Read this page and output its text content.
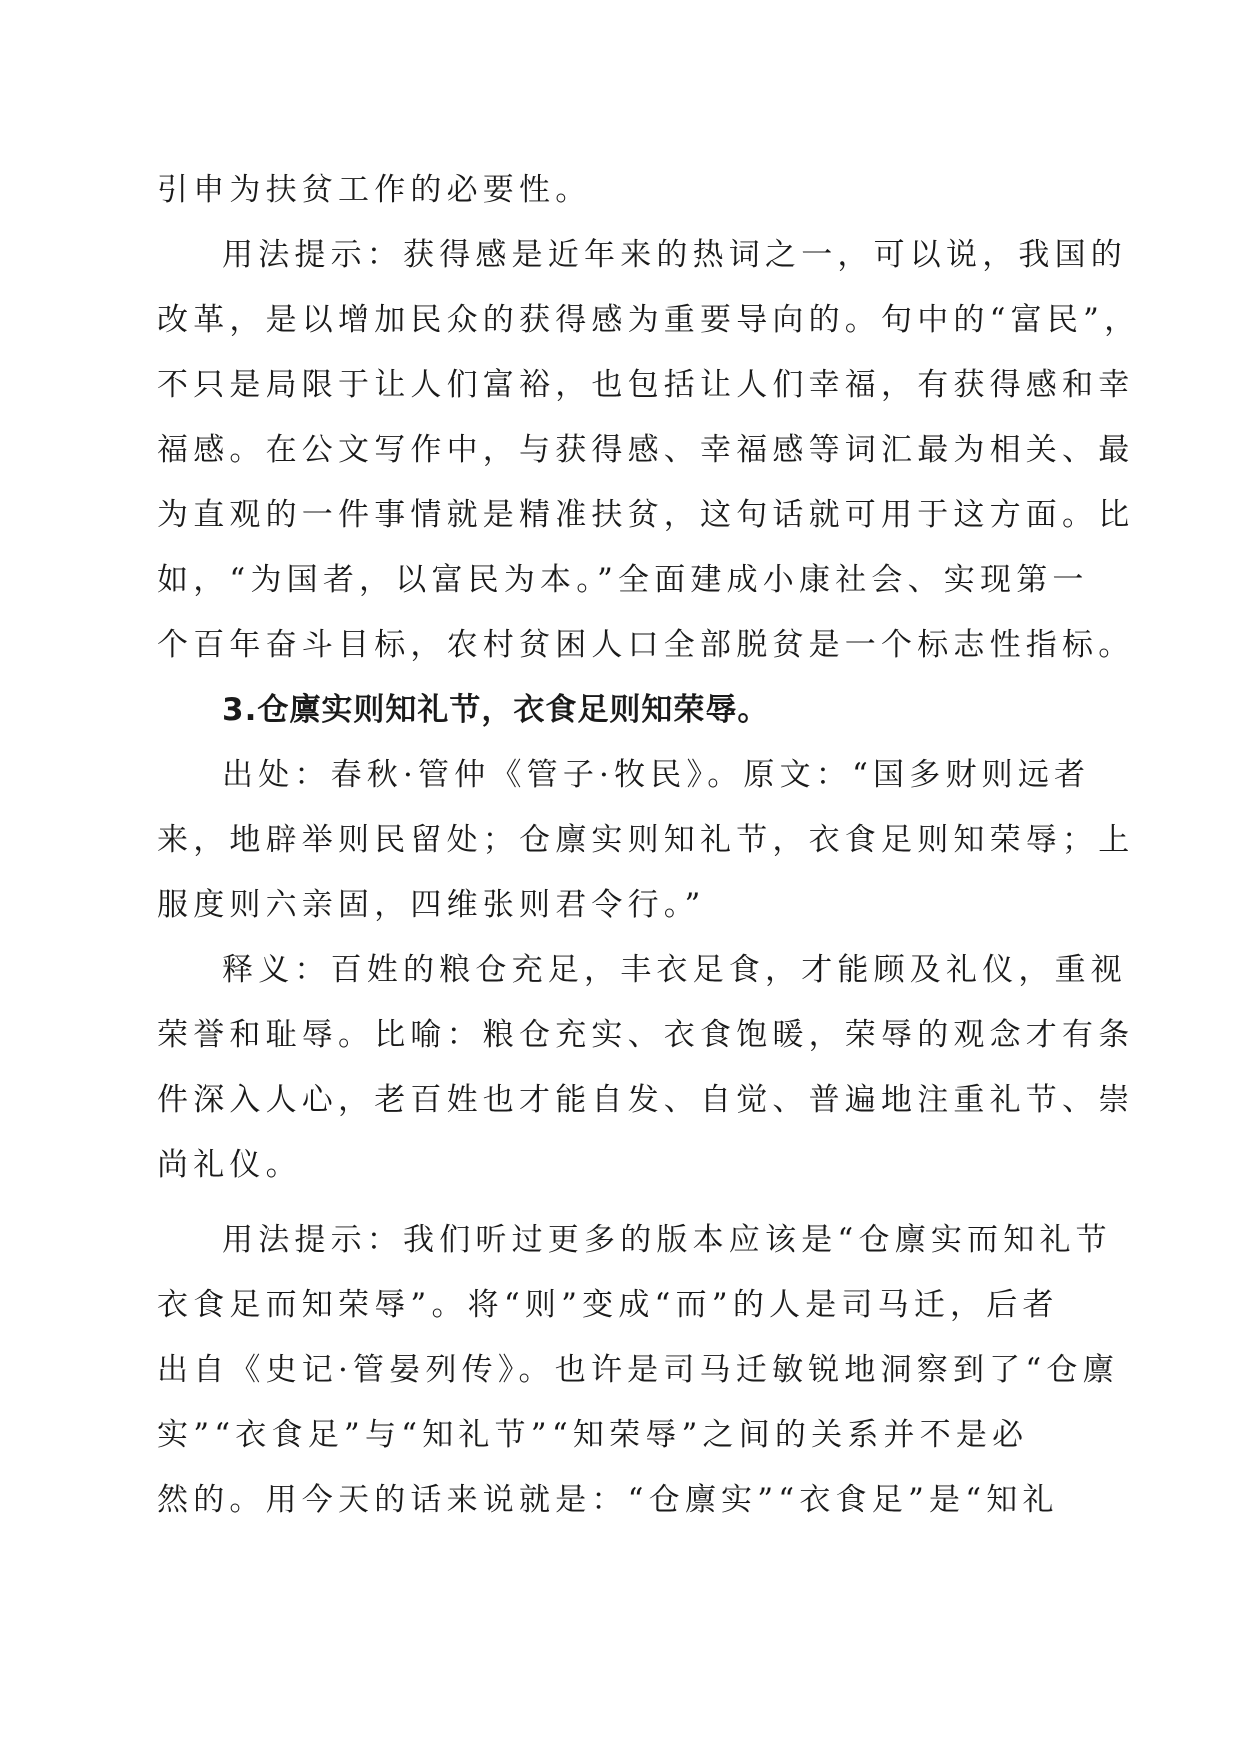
引申为扶贫工作的必要性。
用法提示：获得感是近年来的热词之一，可以说，我国的
改革，是以增加民众的获得感为重要导向的。句中的“富民”，
不只是局限于让人们富裕，也包括让人们幸福，有获得感和幸
福感。在公文写作中，与获得感、幸福感等词汇最为相关、最
为直观的一件事情就是精准扶贫，这句话就可用于这方面。比
如，“为国者，以富民为本。”全面建成小康社会、实现第一
个百年奋斗目标，农村贫困人口全部脱贫是一个标志性指标。
3.仓廪实则知礼节，衣食足则知荣辱。
出处：春秋·管仲《管子·牧民》。原文：“国多财则远者
来，地辟举则民留处；仓廪实则知礼节，衣食足则知荣辱；上
服度则六亲固，四维张则君令行。”
释义：百姓的粮仓充足，丰衣足食，才能顾及礼仪，重视
荣誉和耻辱。比喻：粮仓充实、衣食饱暖，荣辱的观念才有条
件深入人心，老百姓也才能自发、自觉、普遍地注重礼节、崇
尚礼仪。
用法提示：我们听过更多的版本应该是“仓廪实而知礼节
衣食足而知荣辱”。将“则”变成“而”的人是司马迁，后者
出自《史记·管晏列传》。也许是司马迁敏锐地洞察到了“仓廪
实”“衣食足”与“知礼节”“知荣辱”之间的关系并不是必
然的。用今天的话来说就是：“仓廪实”“衣食足”是“知礼
